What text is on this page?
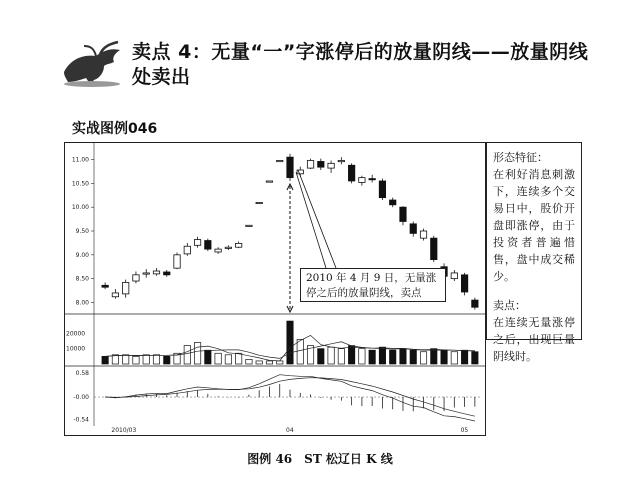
卖点 4：无量“一”字涨停后的放量阴线——放量阴线处卖出
实战图例046
11.00
10.50
10.00
9.50
9.00
8.50
8.00
20000
10000
0.58
-0.00
-0.54
2010/03	04	05
2010 年 4 月 9 日，无量涨停之后的放量阴线，卖点
形态特征：
在利好消息刺激下，连续多个交易日中，股价开盘即涨停，由于投资者普遍惜售，盘中成交稀少。
卖点：
在连续无量涨停之后，出现巨量阴线时。
图例 46　ST 松辽日 K 线
